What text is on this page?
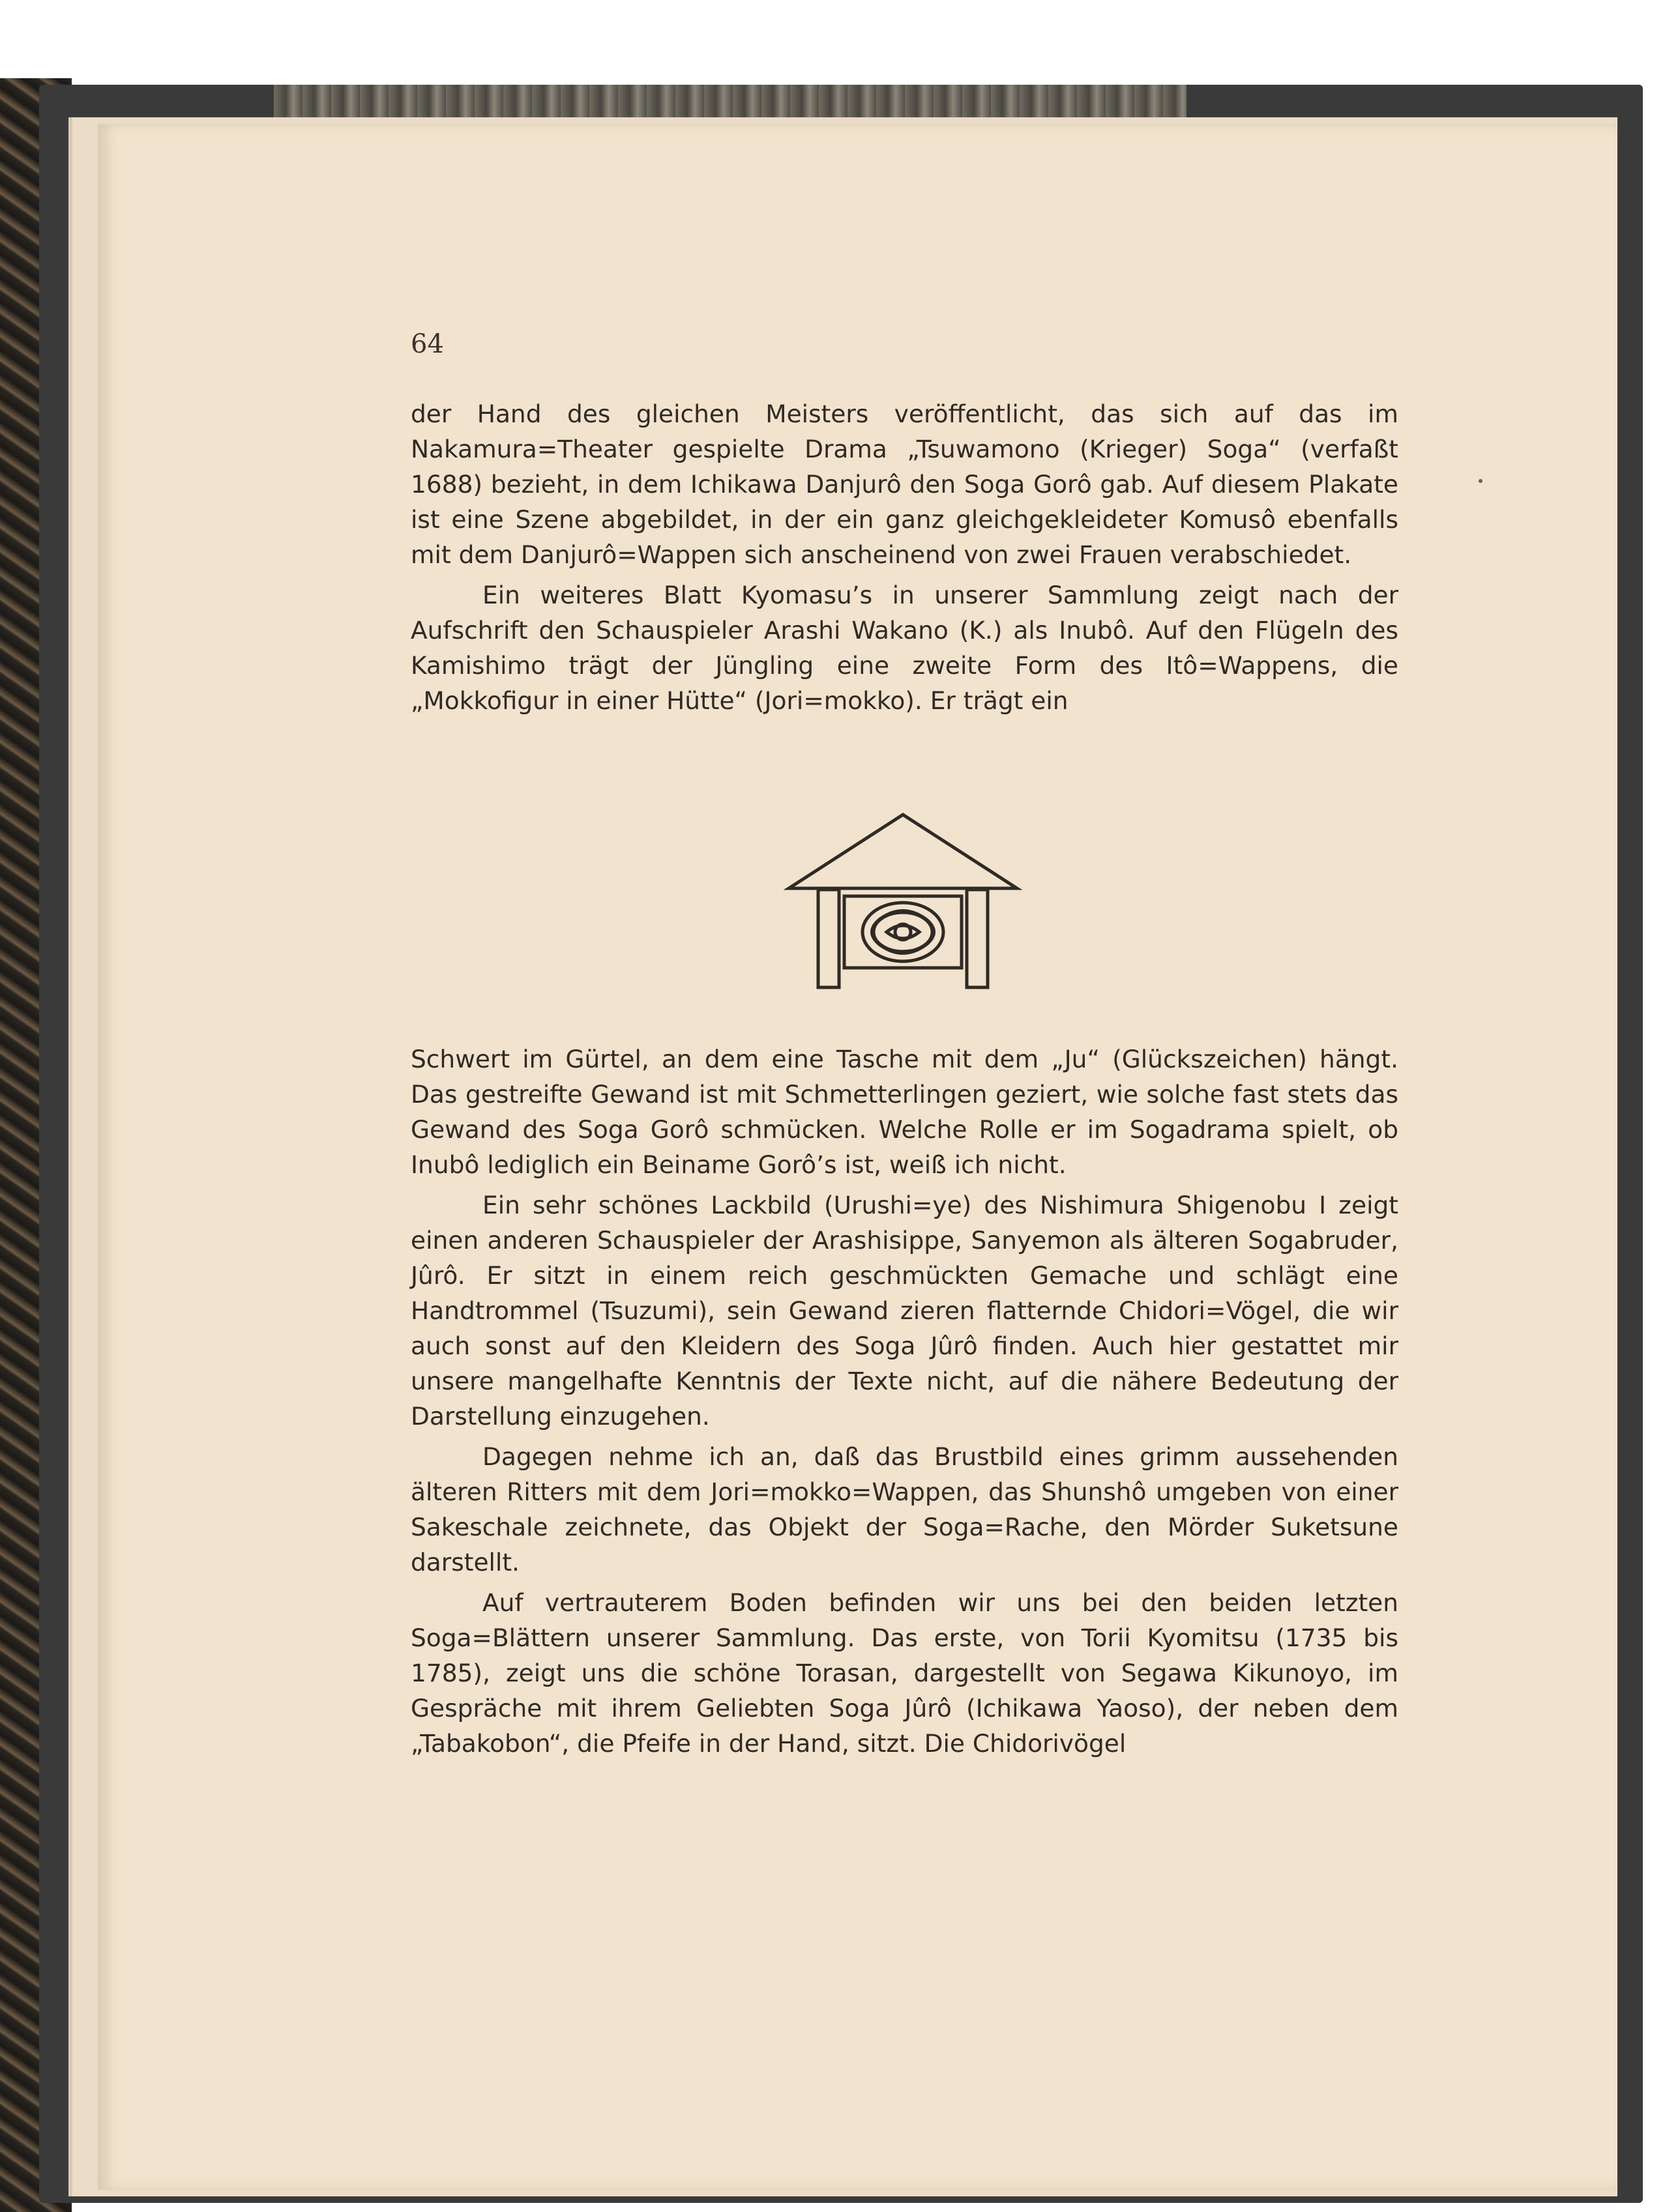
64

der Hand des gleichen Meisters veröffentlicht, das sich auf das im Nakamura=Theater gespielte Drama „Tsuwamono (Krieger) Soga“ (verfaßt 1688) bezieht, in dem Ichikawa Danjurô den Soga Gorô gab. Auf diesem Plakate ist eine Szene abgebildet, in der ein ganz gleichgekleideter Komusô ebenfalls mit dem Danjurô=Wappen sich anscheinend von zwei Frauen verabschiedet.

Ein weiteres Blatt Kyomasu’s in unserer Sammlung zeigt nach der Aufschrift den Schauspieler Arashi Wakano (K.) als Inubô. Auf den Flügeln des Kamishimo trägt der Jüngling eine zweite Form des Itô=Wappens, die „Mokkofigur in einer Hütte“ (Jori=mokko). Er trägt ein

Schwert im Gürtel, an dem eine Tasche mit dem „Ju“ (Glückszeichen) hängt. Das gestreifte Gewand ist mit Schmetterlingen geziert, wie solche fast stets das Gewand des Soga Gorô schmücken. Welche Rolle er im Sogadrama spielt, ob Inubô lediglich ein Beiname Gorô’s ist, weiß ich nicht.

Ein sehr schönes Lackbild (Urushi=ye) des Nishimura Shigenobu I zeigt einen anderen Schauspieler der Arashisippe, Sanyemon als älteren Sogabruder, Jûrô. Er sitzt in einem reich geschmückten Gemache und schlägt eine Handtrommel (Tsuzumi), sein Gewand zieren flatternde Chidori=Vögel, die wir auch sonst auf den Kleidern des Soga Jûrô finden. Auch hier gestattet mir unsere mangelhafte Kenntnis der Texte nicht, auf die nähere Bedeutung der Darstellung einzugehen.

Dagegen nehme ich an, daß das Brustbild eines grimm aussehenden älteren Ritters mit dem Jori=mokko=Wappen, das Shunshô umgeben von einer Sakeschale zeichnete, das Objekt der Soga=Rache, den Mörder Suketsune darstellt.

Auf vertrauterem Boden befinden wir uns bei den beiden letzten Soga=Blättern unserer Sammlung. Das erste, von Torii Kyomitsu (1735 bis 1785), zeigt uns die schöne Torasan, dargestellt von Segawa Kikunoyo, im Gespräche mit ihrem Geliebten Soga Jûrô (Ichikawa Yaoso), der neben dem „Tabakobon“, die Pfeife in der Hand, sitzt. Die Chidorivögel
